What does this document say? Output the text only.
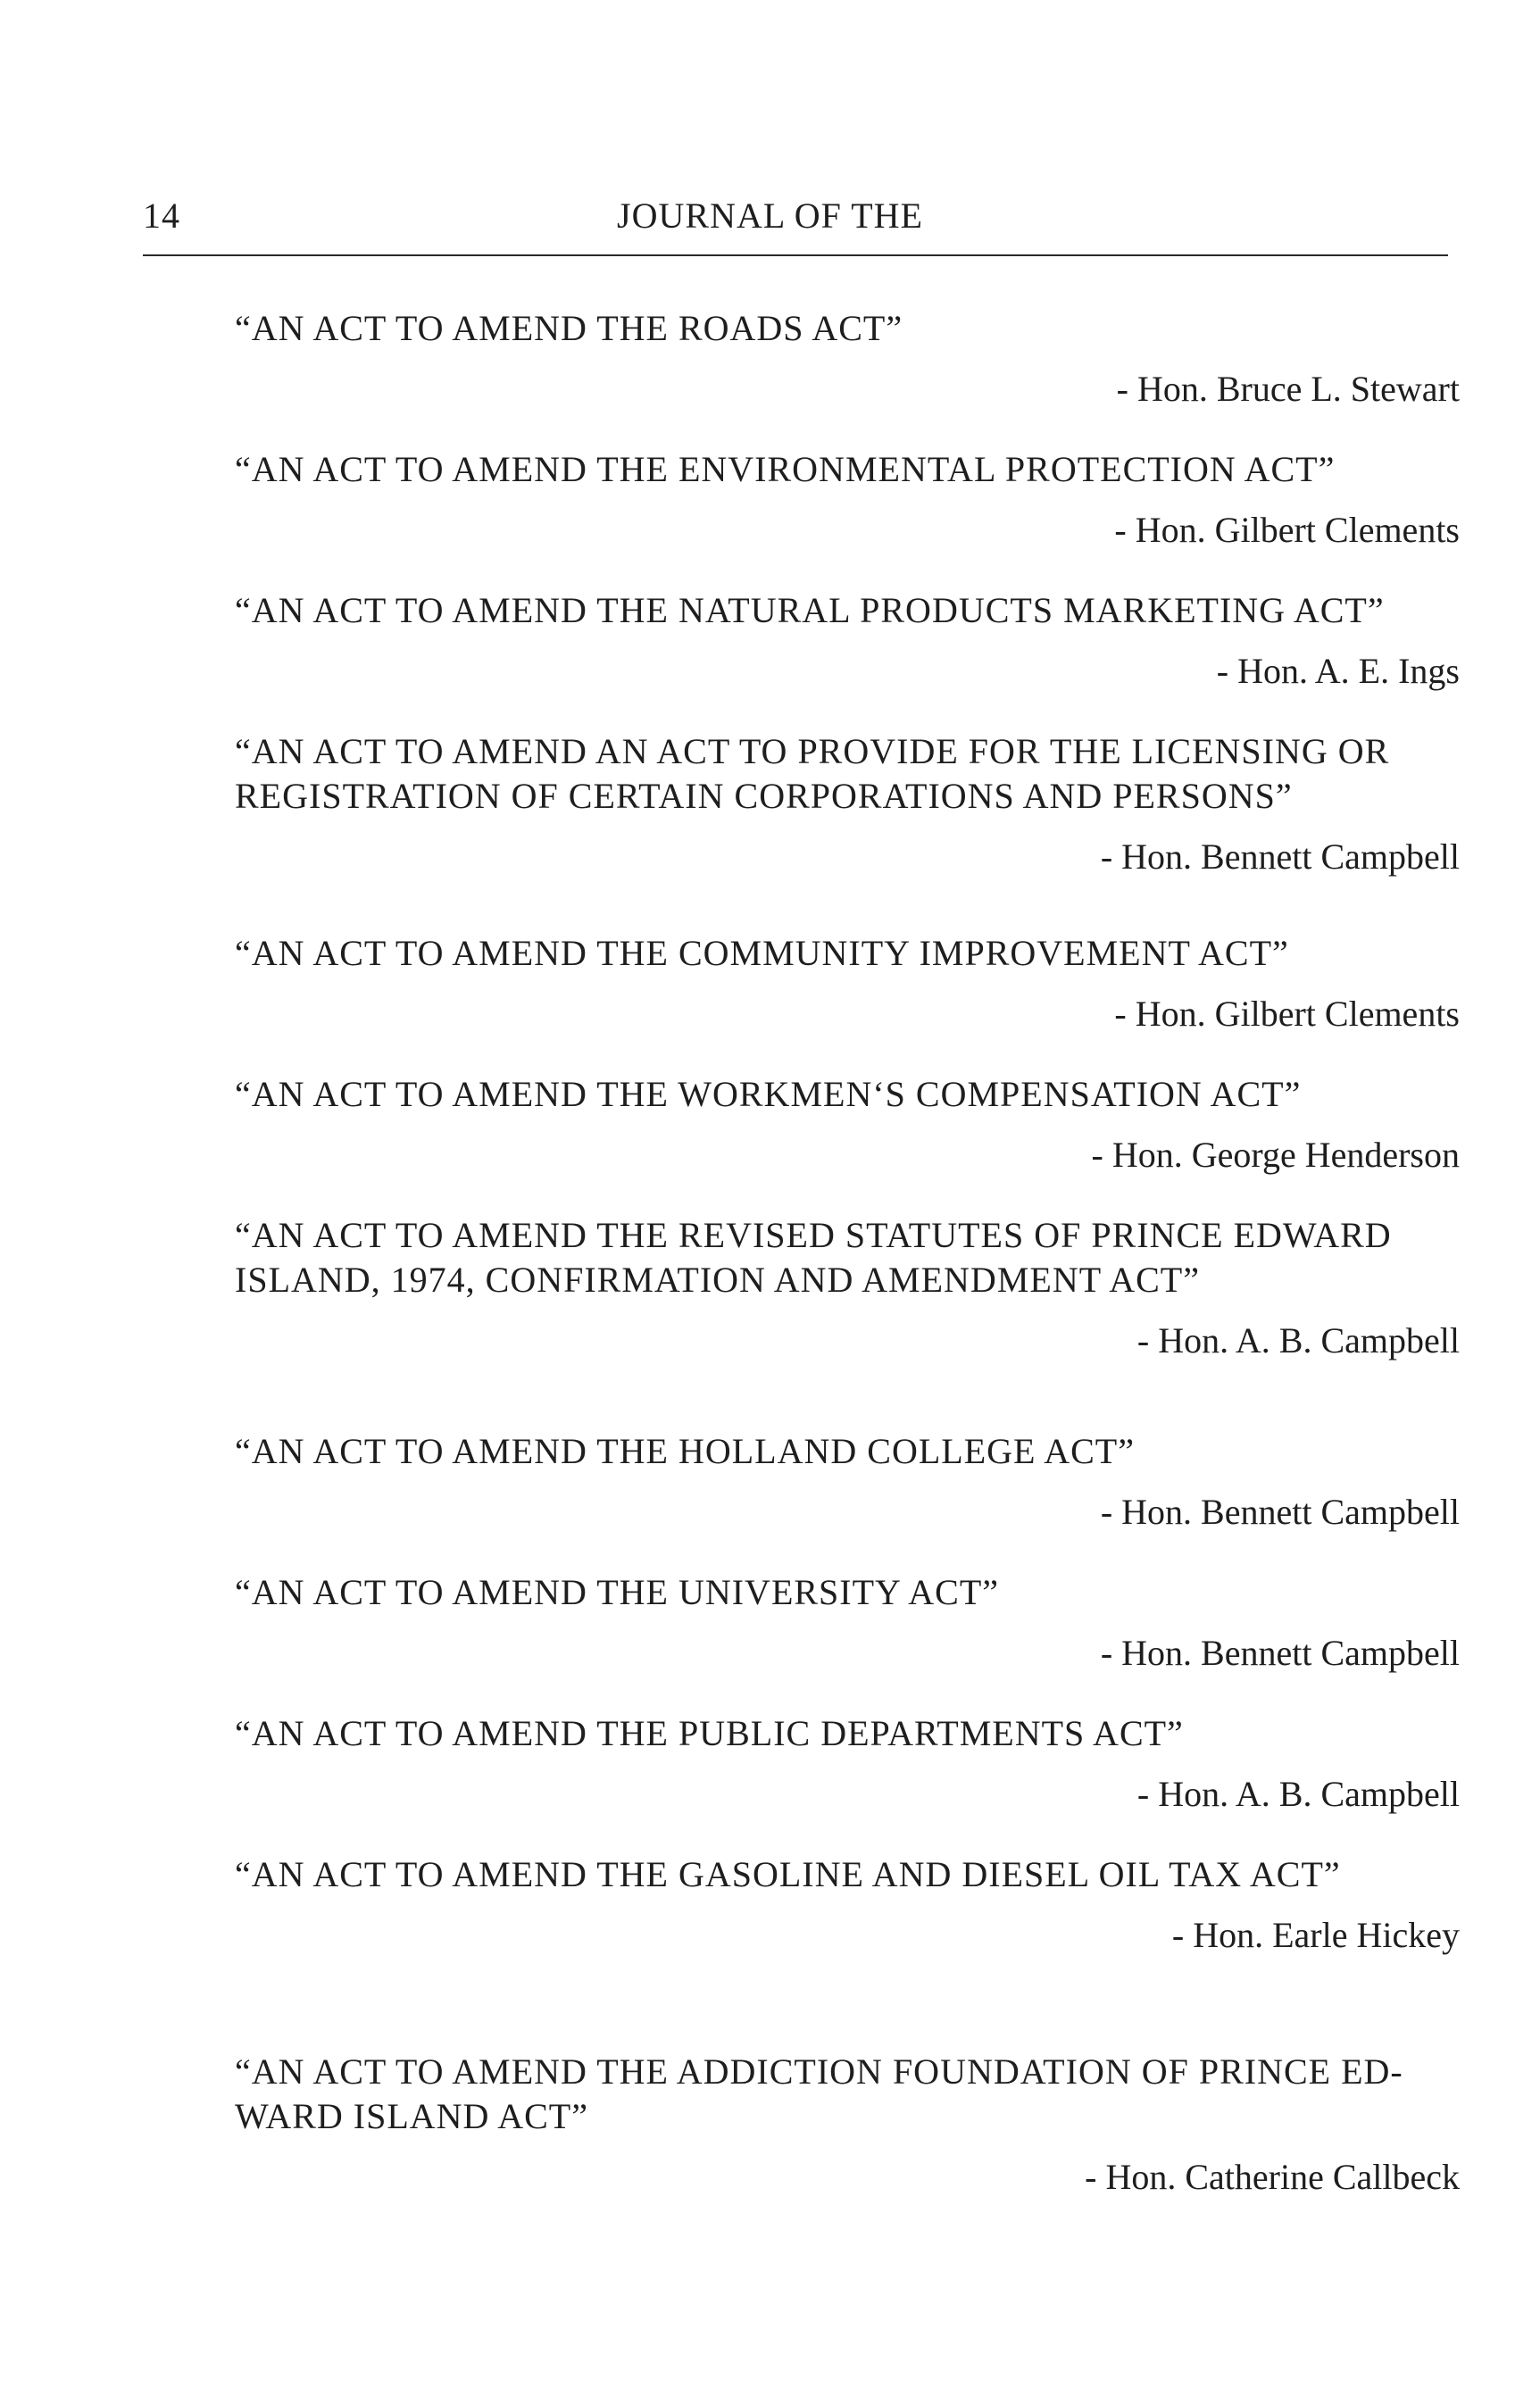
14	JOURNAL OF THE
“AN ACT TO AMEND THE ROADS ACT”
- Hon. Bruce L. Stewart
“AN ACT TO AMEND THE ENVIRONMENTAL PROTECTION ACT”
- Hon. Gilbert Clements
“AN ACT TO AMEND THE NATURAL PRODUCTS MARKETING ACT”
- Hon. A. E. Ings
“AN ACT TO AMEND AN ACT TO PROVIDE FOR THE LICENSING OR
REGISTRATION OF CERTAIN CORPORATIONS AND PERSONS”
- Hon. Bennett Campbell
“AN ACT TO AMEND THE COMMUNITY IMPROVEMENT ACT”
- Hon. Gilbert Clements
“AN ACT TO AMEND THE WORKMEN‘S COMPENSATION ACT”
- Hon. George Henderson
“AN ACT TO AMEND THE REVISED STATUTES OF PRINCE EDWARD
ISLAND, 1974, CONFIRMATION AND AMENDMENT ACT”
- Hon. A. B. Campbell
“AN ACT TO AMEND THE HOLLAND COLLEGE ACT”
- Hon. Bennett Campbell
“AN ACT TO AMEND THE UNIVERSITY ACT”
- Hon. Bennett Campbell
“AN ACT TO AMEND THE PUBLIC DEPARTMENTS ACT”
- Hon. A. B. Campbell
“AN ACT TO AMEND THE GASOLINE AND DIESEL OIL TAX ACT”
- Hon. Earle Hickey
“AN ACT TO AMEND THE ADDICTION FOUNDATION OF PRINCE ED-
WARD ISLAND ACT”
- Hon. Catherine Callbeck
